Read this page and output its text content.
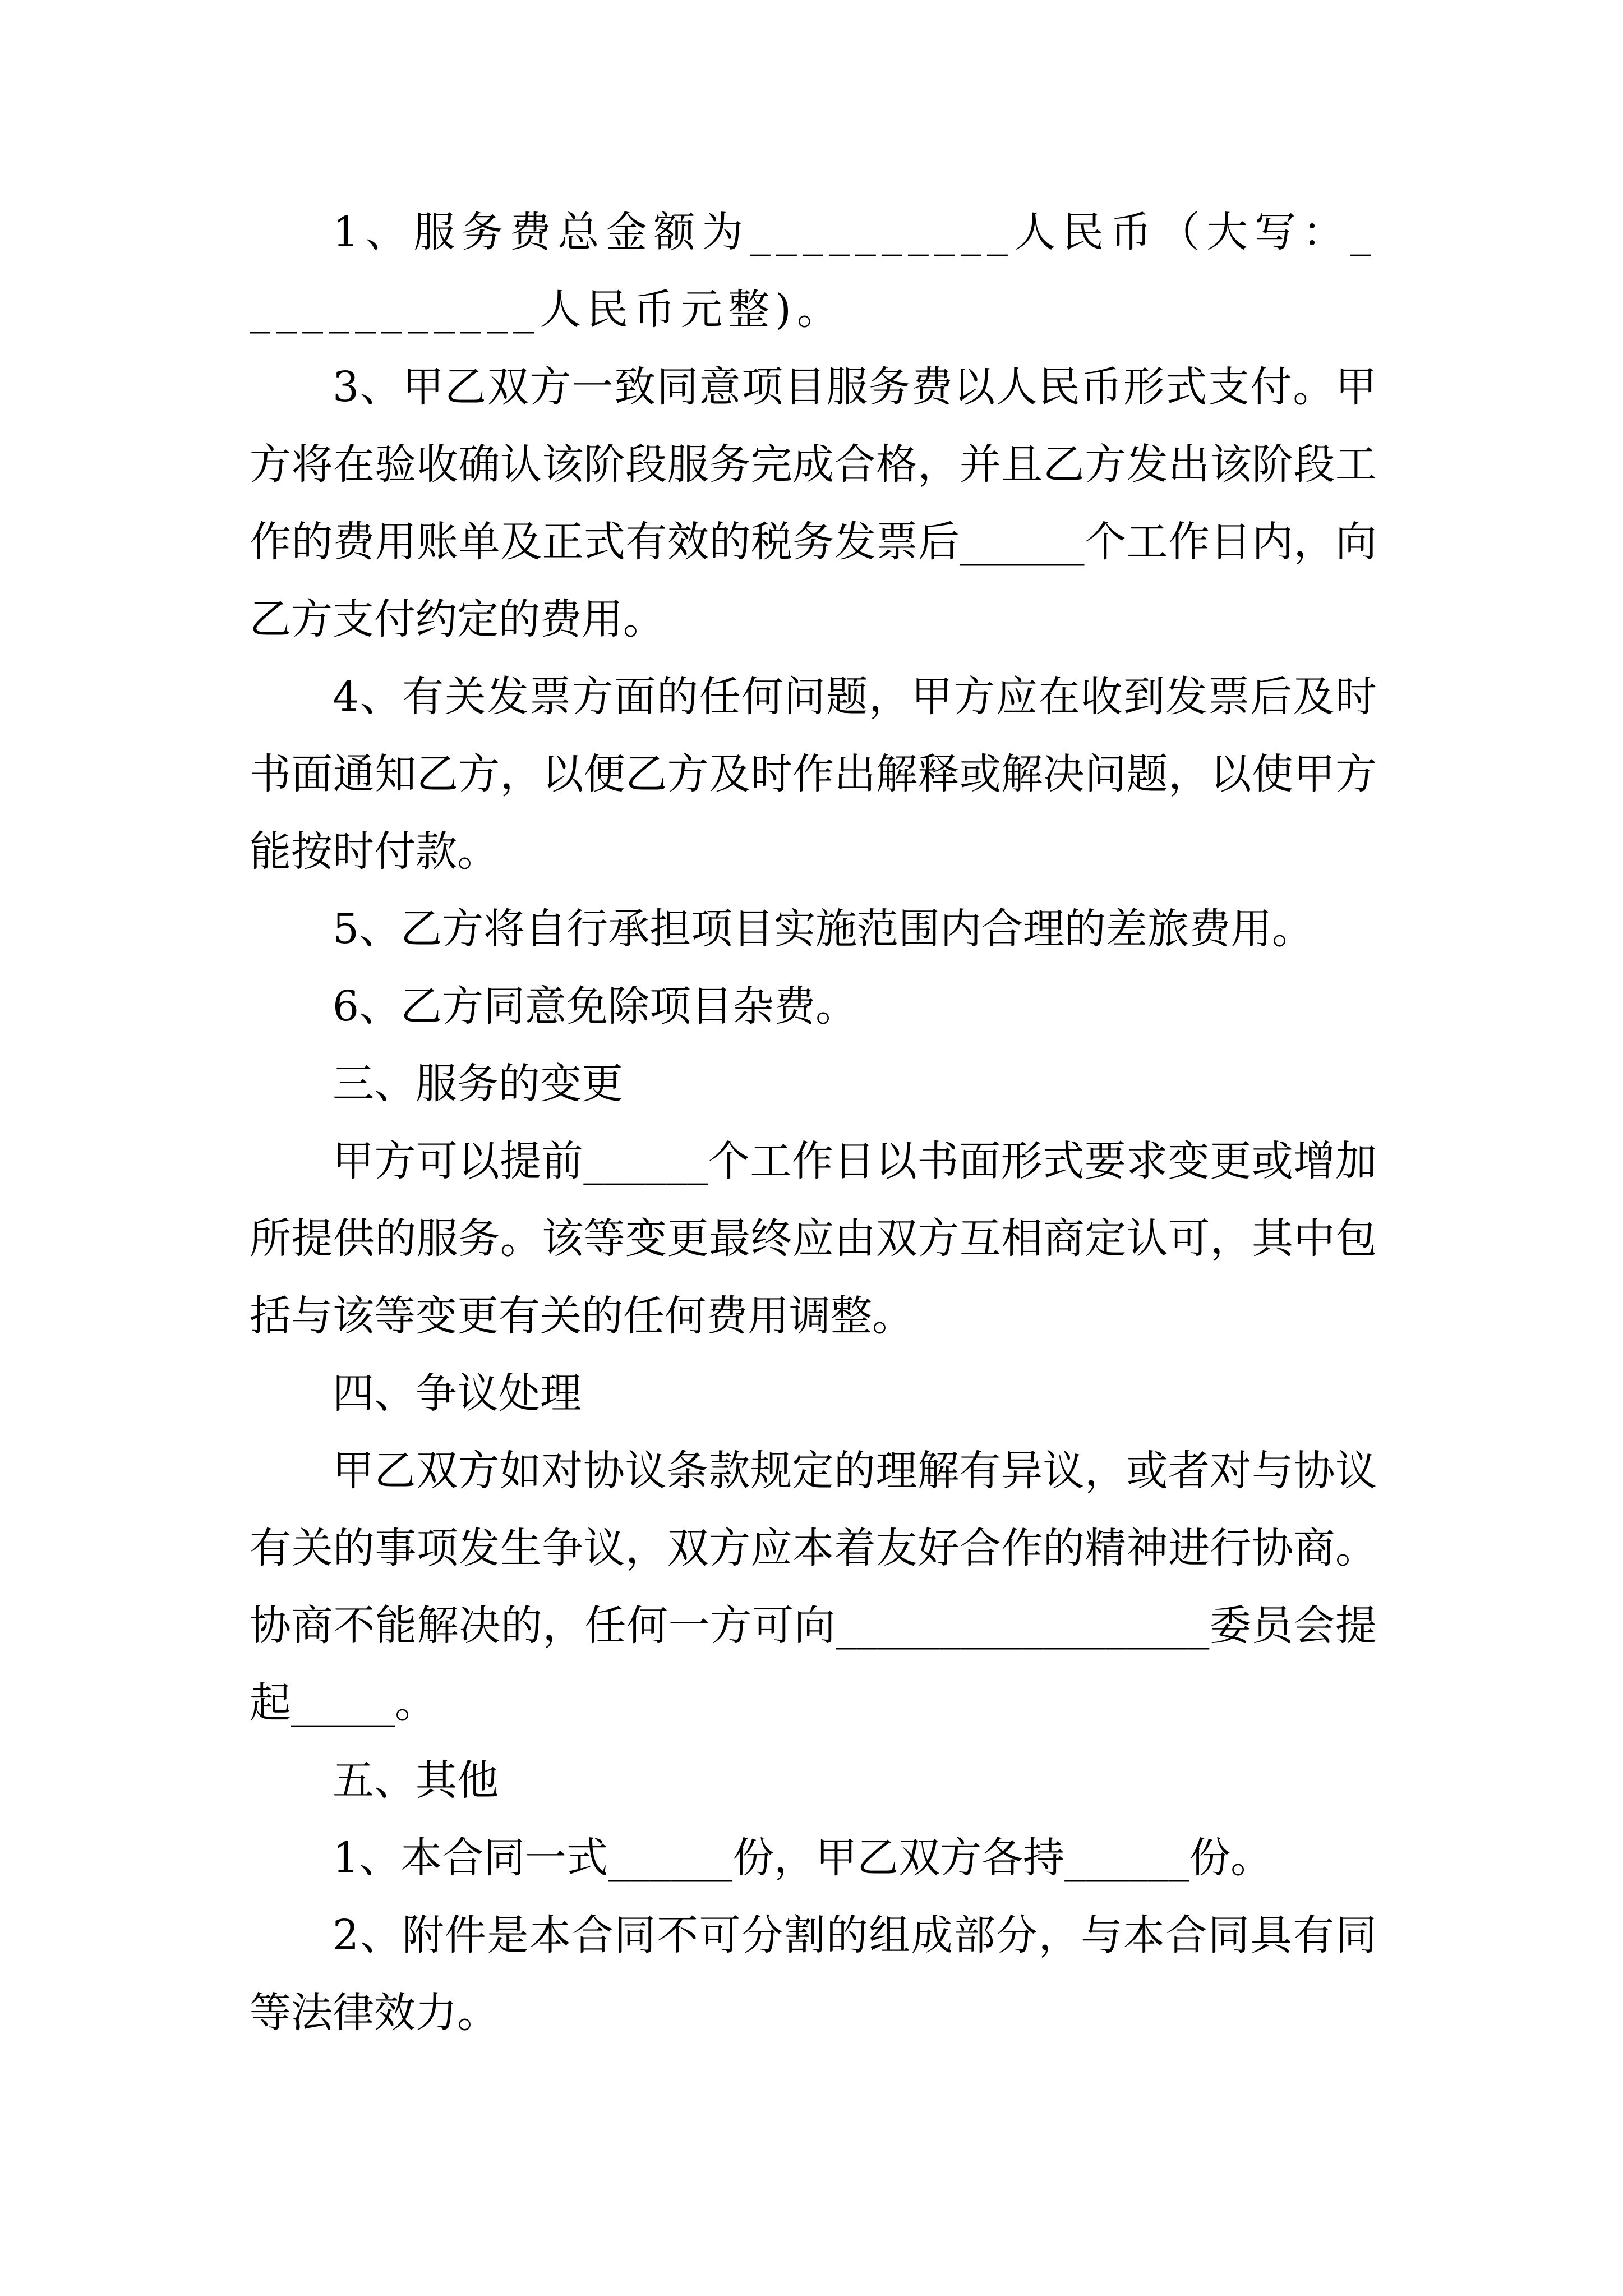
1、服务费总金额为__________人民币（大写：____________人民币元整)。

3、甲乙双方一致同意项目服务费以人民币形式支付。甲方将在验收确认该阶段服务完成合格，并且乙方发出该阶段工作的费用账单及正式有效的税务发票后______个工作日内，向乙方支付约定的费用。

4、有关发票方面的任何问题，甲方应在收到发票后及时书面通知乙方，以便乙方及时作出解释或解决问题，以使甲方能按时付款。

5、乙方将自行承担项目实施范围内合理的差旅费用。

6、乙方同意免除项目杂费。

三、服务的变更

甲方可以提前______个工作日以书面形式要求变更或增加所提供的服务。该等变更最终应由双方互相商定认可，其中包括与该等变更有关的任何费用调整。

四、争议处理

甲乙双方如对协议条款规定的理解有异议，或者对与协议有关的事项发生争议，双方应本着友好合作的精神进行协商。协商不能解决的，任何一方可向__________________委员会提起_____。

五、其他

1、本合同一式______份，甲乙双方各持______份。

2、附件是本合同不可分割的组成部分，与本合同具有同等法律效力。
